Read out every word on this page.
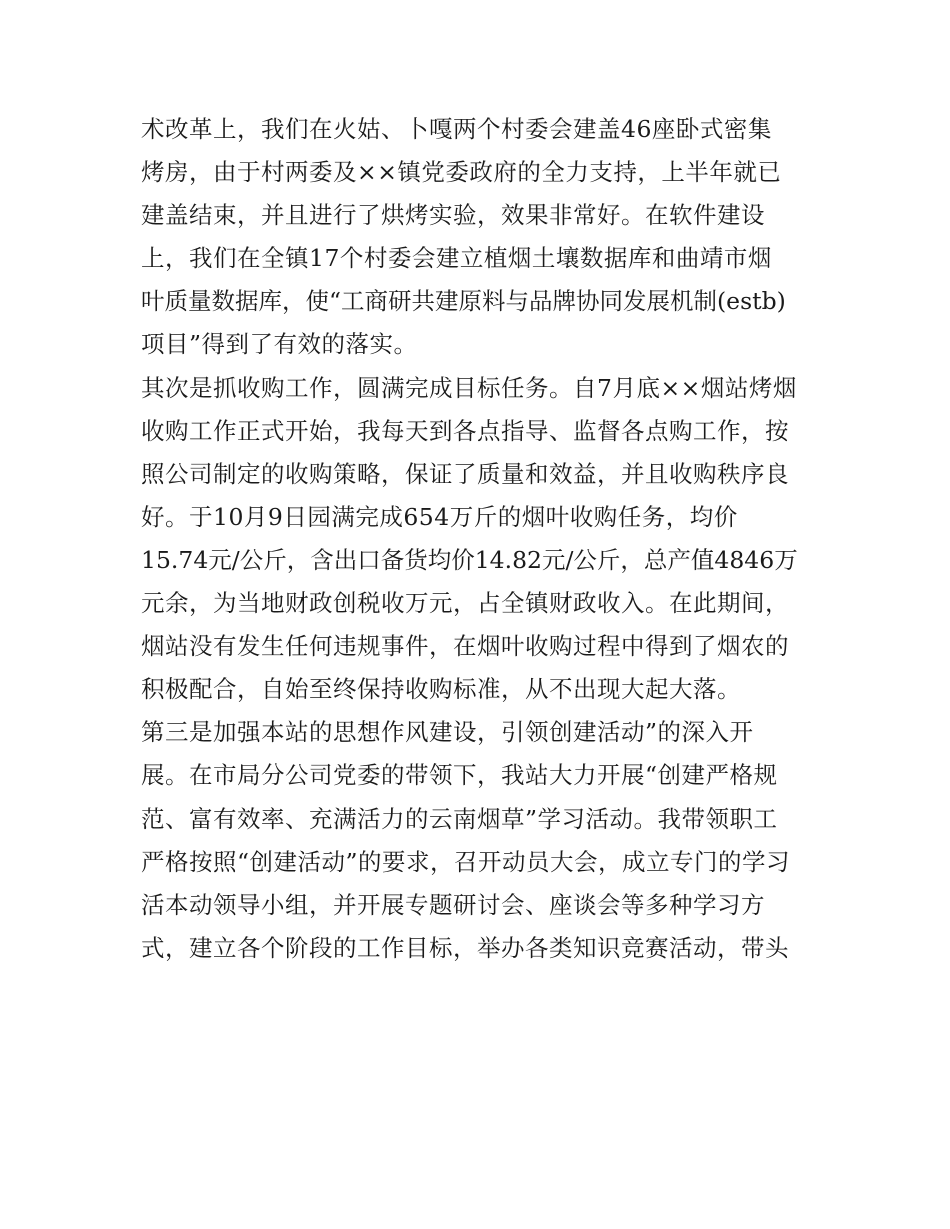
术改革上，我们在火姑、卜嘎两个村委会建盖46座卧式密集
烤房，由于村两委及××镇党委政府的全力支持，上半年就已
建盖结束，并且进行了烘烤实验，效果非常好。在软件建设
上，我们在全镇17个村委会建立植烟土壤数据库和曲靖市烟
叶质量数据库，使“工商研共建原料与品牌协同发展机制(estb)
项目”得到了有效的落实。
其次是抓收购工作，圆满完成目标任务。自7月底××烟站烤烟
收购工作正式开始，我每天到各点指导、监督各点购工作，按
照公司制定的收购策略，保证了质量和效益，并且收购秩序良
好。于10月9日园满完成654万斤的烟叶收购任务，均价
15.74元/公斤，含出口备货均价14.82元/公斤，总产值4846万
元余，为当地财政创税收万元，占全镇财政收入。在此期间，
烟站没有发生任何违规事件，在烟叶收购过程中得到了烟农的
积极配合，自始至终保持收购标准，从不出现大起大落。
第三是加强本站的思想作风建设，引领创建活动”的深入开
展。在市局分公司党委的带领下，我站大力开展“创建严格规
范、富有效率、充满活力的云南烟草”学习活动。我带领职工
严格按照“创建活动”的要求，召开动员大会，成立专门的学习
活本动领导小组，并开展专题研讨会、座谈会等多种学习方
式，建立各个阶段的工作目标，举办各类知识竞赛活动，带头
